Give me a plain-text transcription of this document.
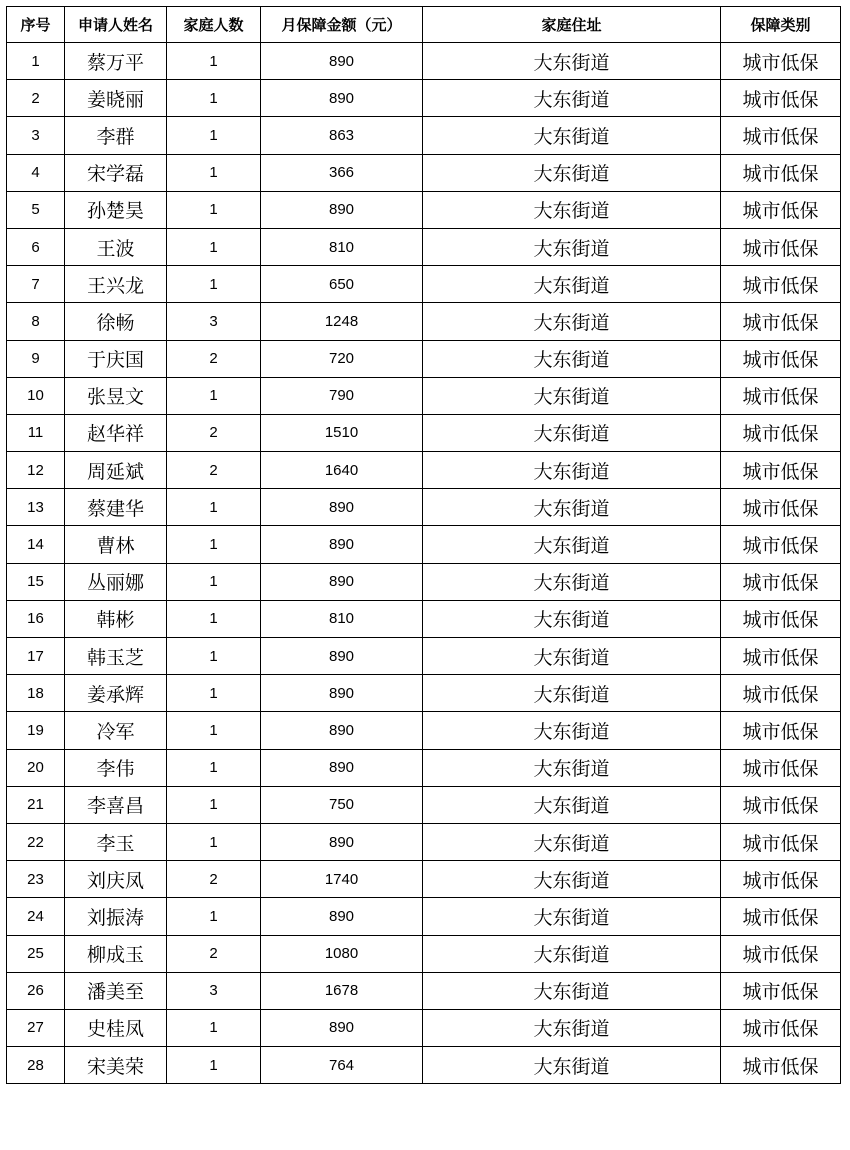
序号	申请人姓名	家庭人数	月保障金额（元）	家庭住址	保障类别
1	蔡万平	1	890	大东街道	城市低保
2	姜晓丽	1	890	大东街道	城市低保
3	李群	1	863	大东街道	城市低保
4	宋学磊	1	366	大东街道	城市低保
5	孙楚昊	1	890	大东街道	城市低保
6	王波	1	810	大东街道	城市低保
7	王兴龙	1	650	大东街道	城市低保
8	徐畅	3	1248	大东街道	城市低保
9	于庆国	2	720	大东街道	城市低保
10	张昱文	1	790	大东街道	城市低保
11	赵华祥	2	1510	大东街道	城市低保
12	周延斌	2	1640	大东街道	城市低保
13	蔡建华	1	890	大东街道	城市低保
14	曹林	1	890	大东街道	城市低保
15	丛丽娜	1	890	大东街道	城市低保
16	韩彬	1	810	大东街道	城市低保
17	韩玉芝	1	890	大东街道	城市低保
18	姜承辉	1	890	大东街道	城市低保
19	冷军	1	890	大东街道	城市低保
20	李伟	1	890	大东街道	城市低保
21	李喜昌	1	750	大东街道	城市低保
22	李玉	1	890	大东街道	城市低保
23	刘庆凤	2	1740	大东街道	城市低保
24	刘振涛	1	890	大东街道	城市低保
25	柳成玉	2	1080	大东街道	城市低保
26	潘美至	3	1678	大东街道	城市低保
27	史桂凤	1	890	大东街道	城市低保
28	宋美荣	1	764	大东街道	城市低保
